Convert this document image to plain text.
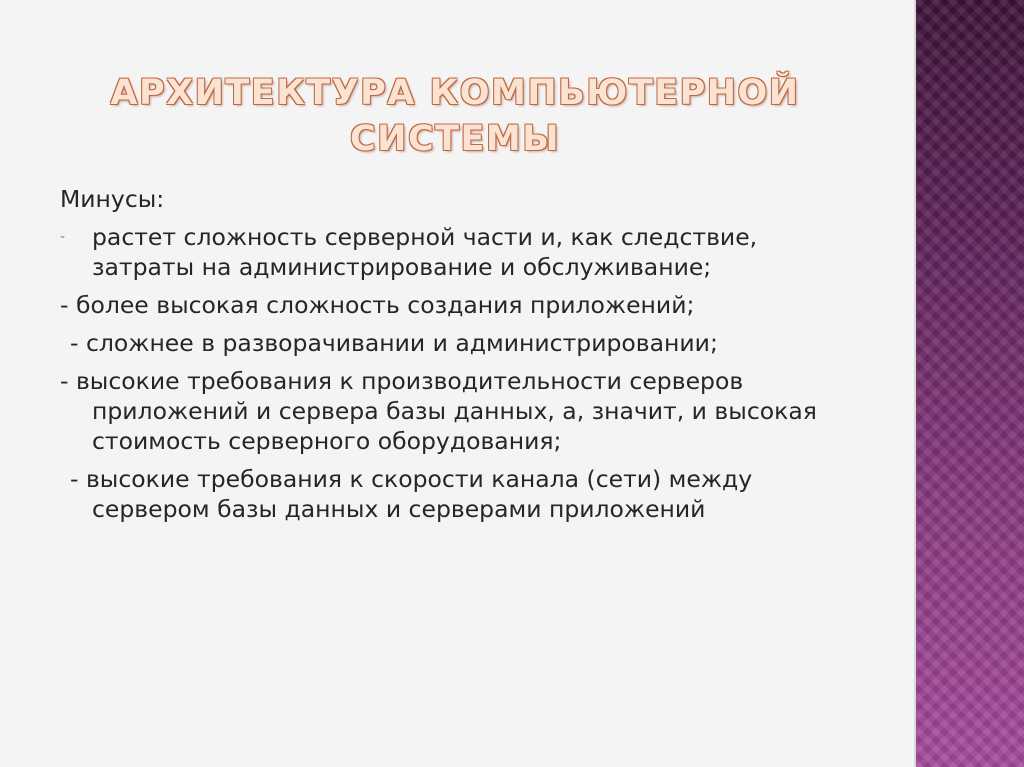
АРХИТЕКТУРА КОМПЬЮТЕРНОЙ
СИСТЕМЫ
Минусы:
- растет сложность серверной части и, как следствие, затраты на администрирование и обслуживание;
- более высокая сложность создания приложений;
- сложнее в разворачивании и администрировании;
- высокие требования к производительности серверов приложений и сервера базы данных, а, значит, и высокая стоимость серверного оборудования;
- высокие требования к скорости канала (сети) между сервером базы данных и серверами приложений
